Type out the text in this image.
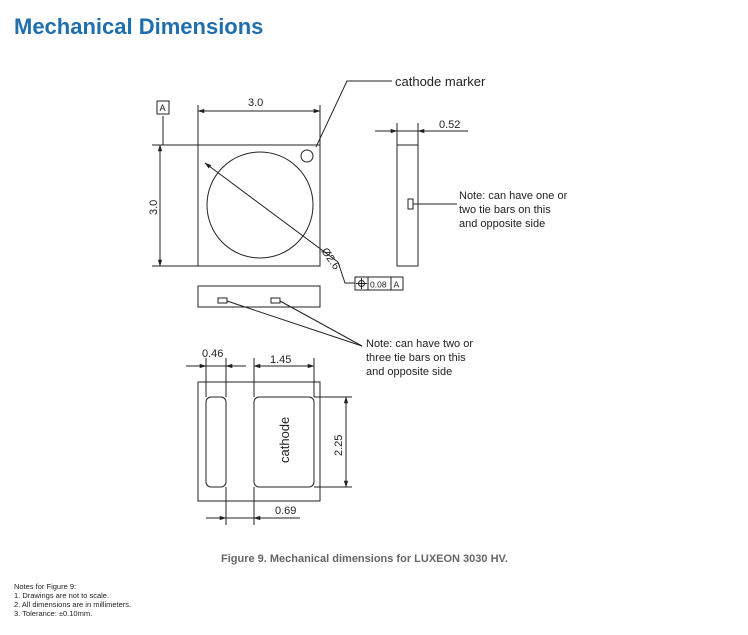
Mechanical Dimensions
cathode marker
3.0
3.0
A
Ø2.6
0.52
0.08 A
Note: can have one or
two tie bars on this
and opposite side
Note: can have two or
three tie bars on this
and opposite side
0.46	1.45
2.25
0.69
cathode
Figure 9. Mechanical dimensions for LUXEON 3030 HV.
Notes for Figure 9:
1. Drawings are not to scale.
2. All dimensions are in millimeters.
3. Tolerance: ±0.10mm.
